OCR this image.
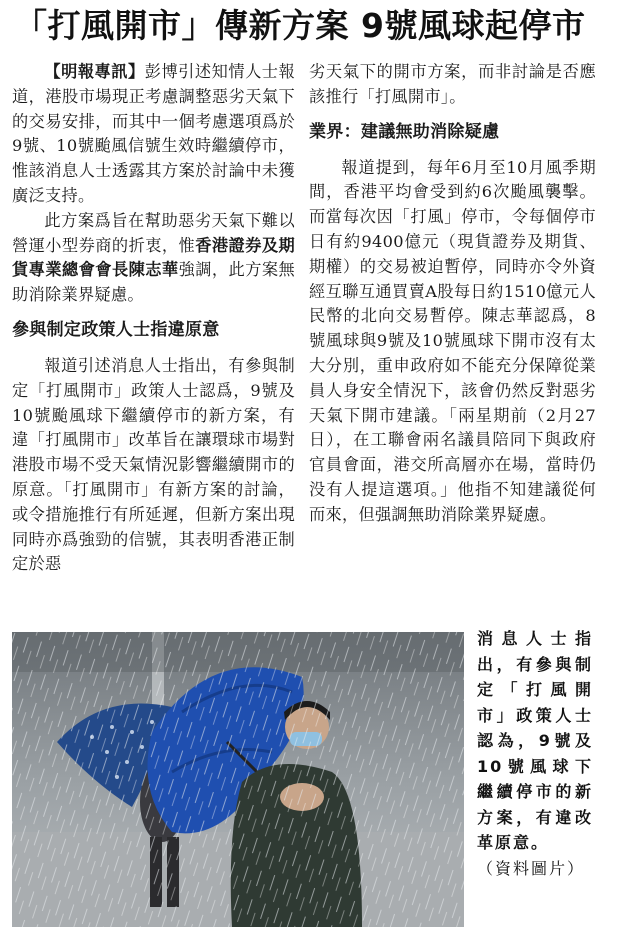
「打風開市」傳新方案 9號風球起停市

【明報專訊】彭博引述知情人士報道，港股市場現正考慮調整惡劣天氣下的交易安排，而其中一個考慮選項爲於9號、10號颱風信號生效時繼續停市，惟該消息人士透露其方案於討論中未獲廣泛支持。

此方案爲旨在幫助惡劣天氣下難以營運小型券商的折衷，惟香港證券及期貨專業總會會長陳志華強調，此方案無助消除業界疑慮。

參與制定政策人士指違原意

報道引述消息人士指出，有參與制定「打風開市」政策人士認爲，9號及10號颱風球下繼續停市的新方案，有違「打風開市」改革旨在讓環球市場對港股市場不受天氣情況影響繼續開市的原意。「打風開市」有新方案的討論，或令措施推行有所延遲，但新方案出現同時亦爲強勁的信號，其表明香港正制定於惡

劣天氣下的開市方案，而非討論是否應該推行「打風開市」。

業界：建議無助消除疑慮

報道提到，每年6月至10月風季期間，香港平均會受到約6次颱風襲擊。而當每次因「打風」停市，令每個停市日有約9400億元（現貨證券及期貨、期權）的交易被迫暫停，同時亦令外資經互聯互通買賣A股每日約1510億元人民幣的北向交易暫停。陳志華認爲，8號風球與9號及10號風球下開市沒有太大分別，重申政府如不能充分保障從業員人身安全情況下，該會仍然反對惡劣天氣下開市建議。「兩星期前（2月27日），在工聯會兩名議員陪同下與政府官員會面，港交所高層亦在場，當時仍没有人提這選項。」他指不知建議從何而來，但强調無助消除業界疑慮。

消息人士指出，有參與制定「打風開市」政策人士認為，9號及10號風球下繼續停市的新方案，有違改革原意。
（資料圖片）
